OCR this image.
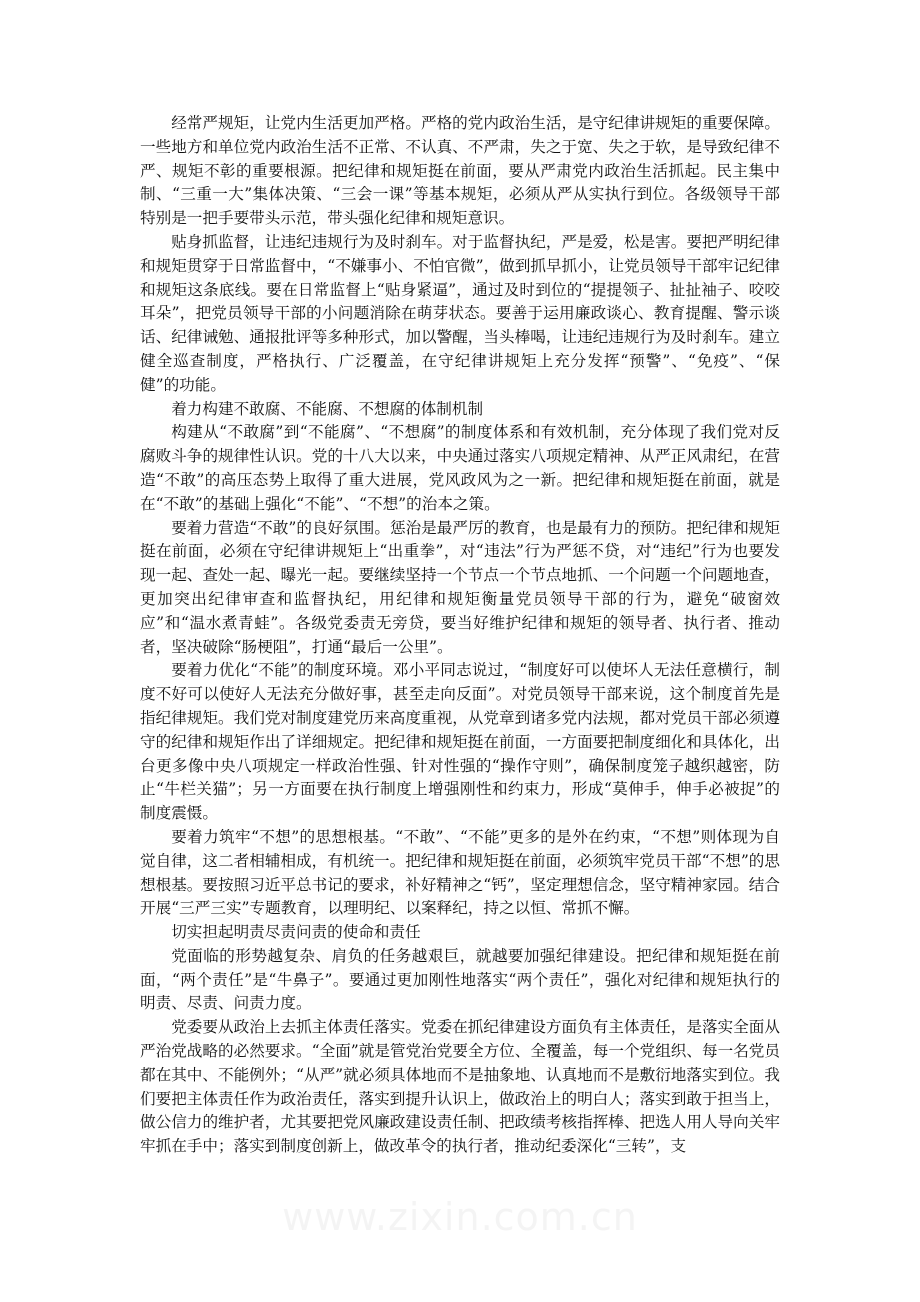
经常严规矩，让党内生活更加严格。严格的党内政治生活，是守纪律讲规矩的重要保障。一些地方和单位党内政治生活不正常、不认真、不严肃，失之于宽、失之于软，是导致纪律不严、规矩不彰的重要根源。把纪律和规矩挺在前面，要从严肃党内政治生活抓起。民主集中制、“三重一大”集体决策、“三会一课”等基本规矩，必须从严从实执行到位。各级领导干部特别是一把手要带头示范，带头强化纪律和规矩意识。

贴身抓监督，让违纪违规行为及时刹车。对于监督执纪，严是爱，松是害。要把严明纪律和规矩贯穿于日常监督中，“不嫌事小、不怕官微”，做到抓早抓小，让党员领导干部牢记纪律和规矩这条底线。要在日常监督上“贴身紧逼”，通过及时到位的“提提领子、扯扯袖子、咬咬耳朵”，把党员领导干部的小问题消除在萌芽状态。要善于运用廉政谈心、教育提醒、警示谈话、纪律诫勉、通报批评等多种形式，加以警醒，当头棒喝，让违纪违规行为及时刹车。建立健全巡查制度，严格执行、广泛覆盖，在守纪律讲规矩上充分发挥“预警”、“免疫”、“保健”的功能。

着力构建不敢腐、不能腐、不想腐的体制机制

构建从“不敢腐”到“不能腐”、“不想腐”的制度体系和有效机制，充分体现了我们党对反腐败斗争的规律性认识。党的十八大以来，中央通过落实八项规定精神、从严正风肃纪，在营造“不敢”的高压态势上取得了重大进展，党风政风为之一新。把纪律和规矩挺在前面，就是在“不敢”的基础上强化“不能”、“不想”的治本之策。

要着力营造“不敢”的良好氛围。惩治是最严厉的教育，也是最有力的预防。把纪律和规矩挺在前面，必须在守纪律讲规矩上“出重拳”，对“违法”行为严惩不贷，对“违纪”行为也要发现一起、查处一起、曝光一起。要继续坚持一个节点一个节点地抓、一个问题一个问题地查，更加突出纪律审查和监督执纪，用纪律和规矩衡量党员领导干部的行为，避免“破窗效应”和“温水煮青蛙”。各级党委责无旁贷，要当好维护纪律和规矩的领导者、执行者、推动者，坚决破除“肠梗阻”，打通“最后一公里”。

要着力优化“不能”的制度环境。邓小平同志说过，“制度好可以使坏人无法任意横行，制度不好可以使好人无法充分做好事，甚至走向反面”。对党员领导干部来说，这个制度首先是指纪律规矩。我们党对制度建党历来高度重视，从党章到诸多党内法规，都对党员干部必须遵守的纪律和规矩作出了详细规定。把纪律和规矩挺在前面，一方面要把制度细化和具体化，出台更多像中央八项规定一样政治性强、针对性强的“操作守则”，确保制度笼子越织越密，防止“牛栏关猫”；另一方面要在执行制度上增强刚性和约束力，形成“莫伸手，伸手必被捉”的制度震慑。

要着力筑牢“不想”的思想根基。“不敢”、“不能”更多的是外在约束，“不想”则体现为自觉自律，这二者相辅相成，有机统一。把纪律和规矩挺在前面，必须筑牢党员干部“不想”的思想根基。要按照习近平总书记的要求，补好精神之“钙”，坚定理想信念，坚守精神家园。结合开展“三严三实”专题教育，以理明纪、以案释纪，持之以恒、常抓不懈。

切实担起明责尽责问责的使命和责任

党面临的形势越复杂、肩负的任务越艰巨，就越要加强纪律建设。把纪律和规矩挺在前面，“两个责任”是“牛鼻子”。要通过更加刚性地落实“两个责任”，强化对纪律和规矩执行的明责、尽责、问责力度。

党委要从政治上去抓主体责任落实。党委在抓纪律建设方面负有主体责任，是落实全面从严治党战略的必然要求。“全面”就是管党治党要全方位、全覆盖，每一个党组织、每一名党员都在其中、不能例外；“从严”就必须具体地而不是抽象地、认真地而不是敷衍地落实到位。我们要把主体责任作为政治责任，落实到提升认识上，做政治上的明白人；落实到敢于担当上，做公信力的维护者，尤其要把党风廉政建设责任制、把政绩考核指挥棒、把选人用人导向关牢牢抓在手中；落实到制度创新上，做改革令的执行者，推动纪委深化“三转”，支

www.zixin.com.cn
